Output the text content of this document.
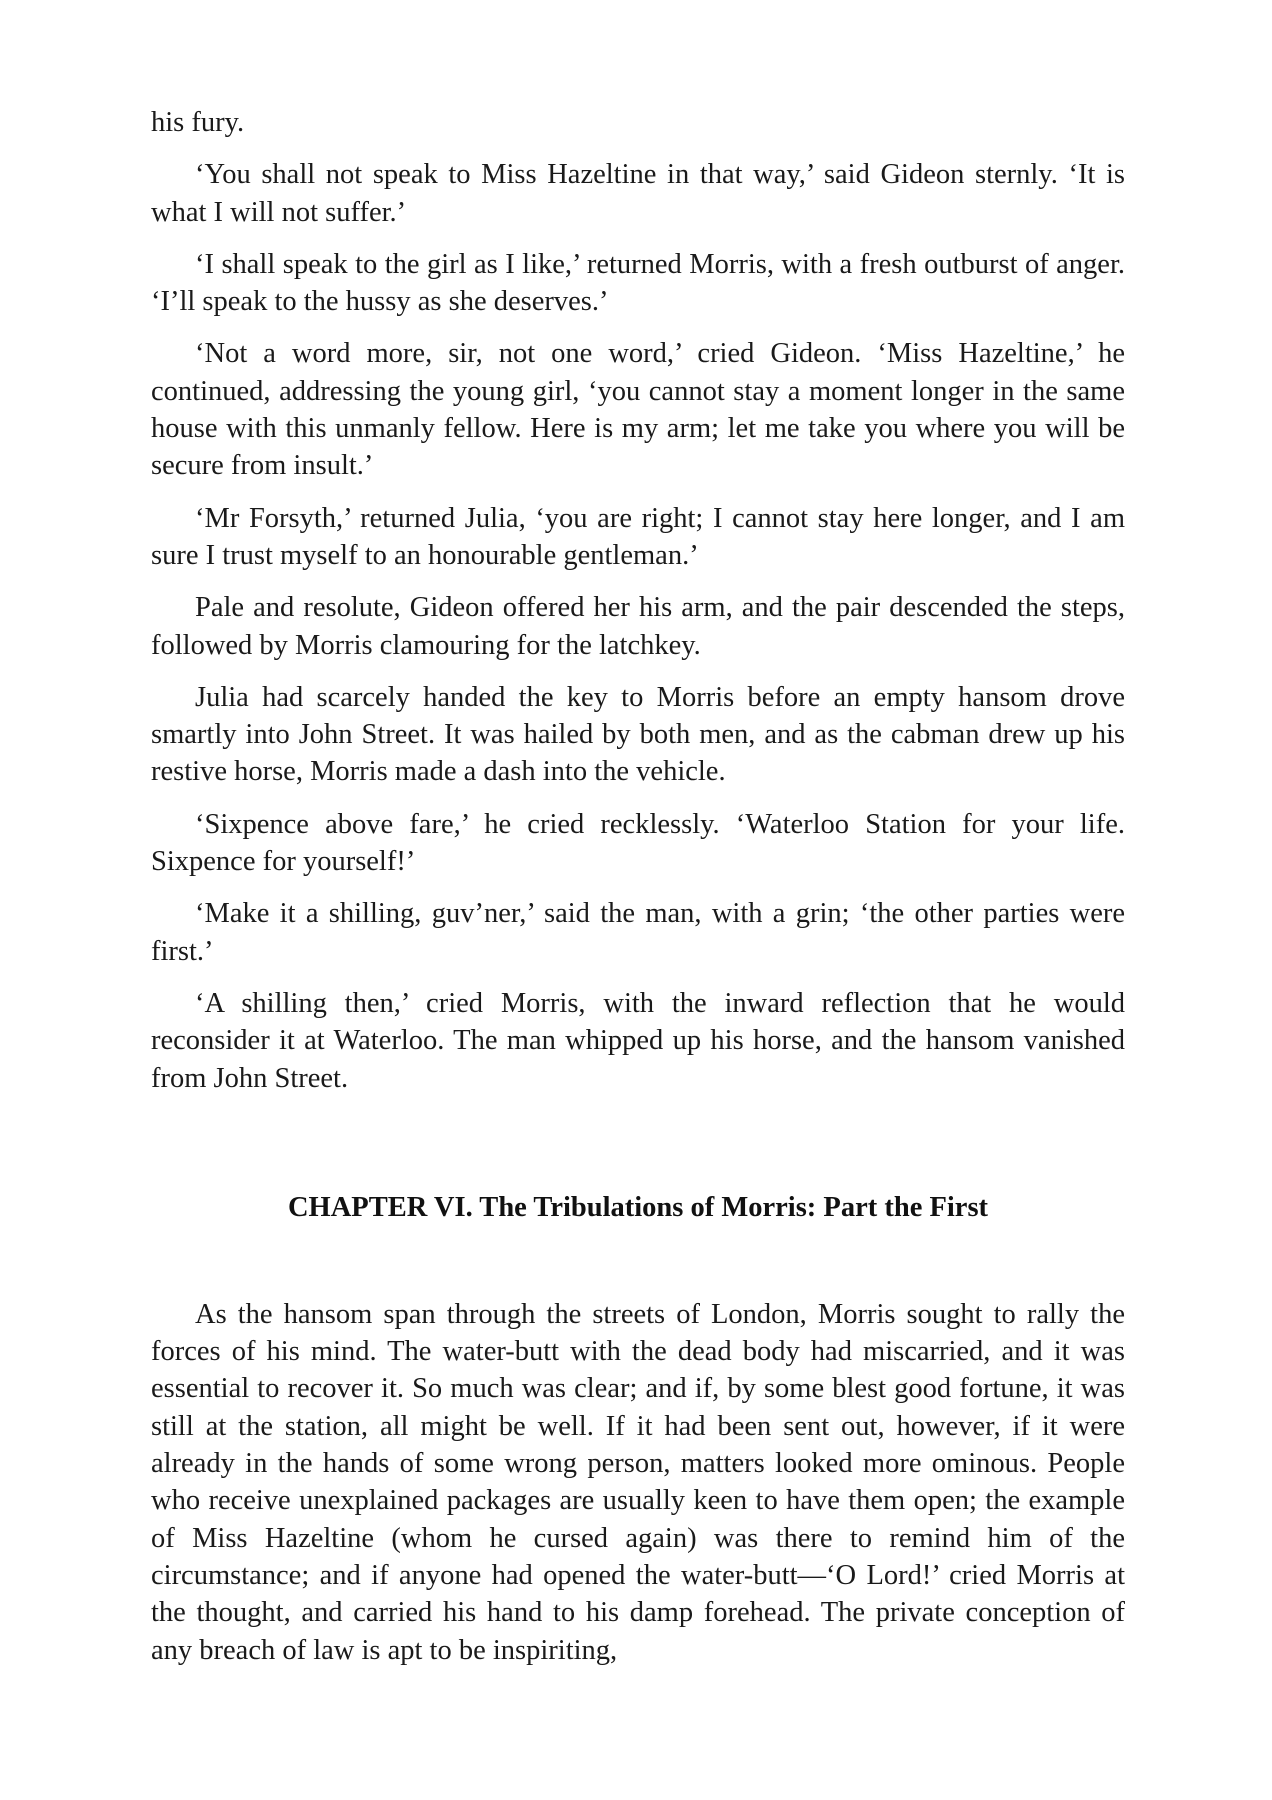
his fury.

‘You shall not speak to Miss Hazeltine in that way,’ said Gideon sternly. ‘It is what I will not suffer.’

‘I shall speak to the girl as I like,’ returned Morris, with a fresh outburst of anger. ‘I’ll speak to the hussy as she deserves.’

‘Not a word more, sir, not one word,’ cried Gideon. ‘Miss Hazeltine,’ he continued, addressing the young girl, ‘you cannot stay a moment longer in the same house with this unmanly fellow. Here is my arm; let me take you where you will be secure from insult.’

‘Mr Forsyth,’ returned Julia, ‘you are right; I cannot stay here longer, and I am sure I trust myself to an honourable gentleman.’

Pale and resolute, Gideon offered her his arm, and the pair descended the steps, followed by Morris clamouring for the latchkey.

Julia had scarcely handed the key to Morris before an empty hansom drove smartly into John Street. It was hailed by both men, and as the cabman drew up his restive horse, Morris made a dash into the vehicle.

‘Sixpence above fare,’ he cried recklessly. ‘Waterloo Station for your life. Sixpence for yourself!’

‘Make it a shilling, guv’ner,’ said the man, with a grin; ‘the other parties were first.’

‘A shilling then,’ cried Morris, with the inward reflection that he would reconsider it at Waterloo. The man whipped up his horse, and the hansom vanished from John Street.

CHAPTER VI. The Tribulations of Morris: Part the First

As the hansom span through the streets of London, Morris sought to rally the forces of his mind. The water-butt with the dead body had miscarried, and it was essential to recover it. So much was clear; and if, by some blest good fortune, it was still at the station, all might be well. If it had been sent out, however, if it were already in the hands of some wrong person, matters looked more ominous. People who receive unexplained packages are usually keen to have them open; the example of Miss Hazeltine (whom he cursed again) was there to remind him of the circumstance; and if anyone had opened the water-butt—‘O Lord!’ cried Morris at the thought, and carried his hand to his damp forehead. The private conception of any breach of law is apt to be inspiriting,
